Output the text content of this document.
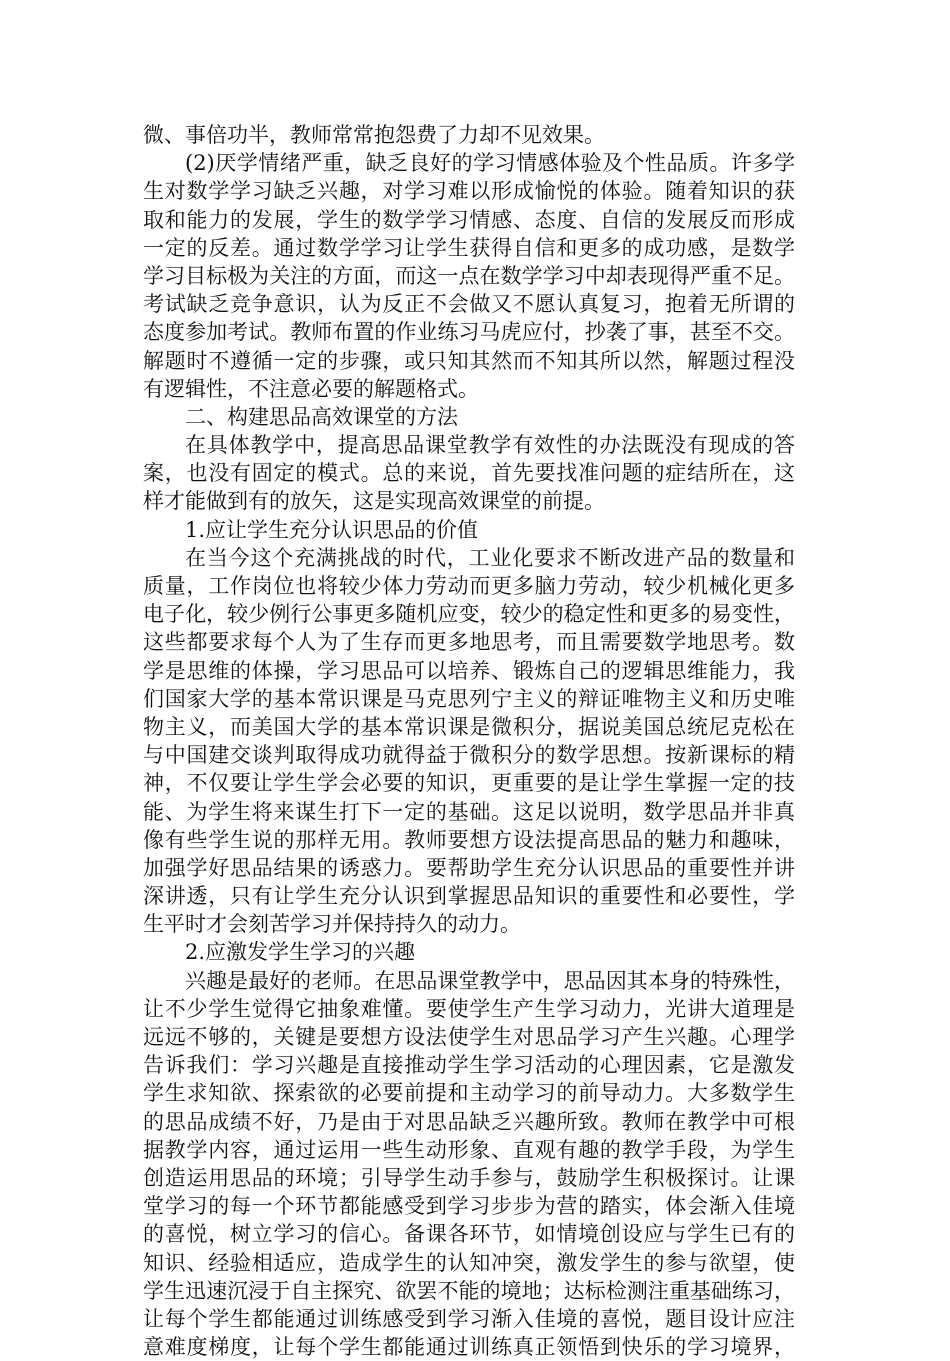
微、事倍功半，教师常常抱怨费了力却不见效果。
(2)厌学情绪严重，缺乏良好的学习情感体验及个性品质。许多学
生对数学学习缺乏兴趣，对学习难以形成愉悦的体验。随着知识的获
取和能力的发展，学生的数学学习情感、态度、自信的发展反而形成
一定的反差。通过数学学习让学生获得自信和更多的成功感，是数学
学习目标极为关注的方面，而这一点在数学学习中却表现得严重不足。
考试缺乏竞争意识，认为反正不会做又不愿认真复习，抱着无所谓的
态度参加考试。教师布置的作业练习马虎应付，抄袭了事，甚至不交。
解题时不遵循一定的步骤，或只知其然而不知其所以然，解题过程没
有逻辑性，不注意必要的解题格式。
二、构建思品高效课堂的方法
在具体教学中，提高思品课堂教学有效性的办法既没有现成的答
案，也没有固定的模式。总的来说，首先要找准问题的症结所在，这
样才能做到有的放矢，这是实现高效课堂的前提。
1.应让学生充分认识思品的价值
在当今这个充满挑战的时代，工业化要求不断改进产品的数量和
质量，工作岗位也将较少体力劳动而更多脑力劳动，较少机械化更多
电子化，较少例行公事更多随机应变，较少的稳定性和更多的易变性，
这些都要求每个人为了生存而更多地思考，而且需要数学地思考。数
学是思维的体操，学习思品可以培养、锻炼自己的逻辑思维能力，我
们国家大学的基本常识课是马克思列宁主义的辩证唯物主义和历史唯
物主义，而美国大学的基本常识课是微积分，据说美国总统尼克松在
与中国建交谈判取得成功就得益于微积分的数学思想。按新课标的精
神，不仅要让学生学会必要的知识，更重要的是让学生掌握一定的技
能、为学生将来谋生打下一定的基础。这足以说明，数学思品并非真
像有些学生说的那样无用。教师要想方设法提高思品的魅力和趣味，
加强学好思品结果的诱惑力。要帮助学生充分认识思品的重要性并讲
深讲透，只有让学生充分认识到掌握思品知识的重要性和必要性，学
生平时才会刻苦学习并保持持久的动力。
2.应激发学生学习的兴趣
兴趣是最好的老师。在思品课堂教学中，思品因其本身的特殊性，
让不少学生觉得它抽象难懂。要使学生产生学习动力，光讲大道理是
远远不够的，关键是要想方设法使学生对思品学习产生兴趣。心理学
告诉我们：学习兴趣是直接推动学生学习活动的心理因素，它是激发
学生求知欲、探索欲的必要前提和主动学习的前导动力。大多数学生
的思品成绩不好，乃是由于对思品缺乏兴趣所致。教师在教学中可根
据教学内容，通过运用一些生动形象、直观有趣的教学手段，为学生
创造运用思品的环境；引导学生动手参与，鼓励学生积极探讨。让课
堂学习的每一个环节都能感受到学习步步为营的踏实，体会渐入佳境
的喜悦，树立学习的信心。备课各环节，如情境创设应与学生已有的
知识、经验相适应，造成学生的认知冲突，激发学生的参与欲望，使
学生迅速沉浸于自主探究、欲罢不能的境地；达标检测注重基础练习，
让每个学生都能通过训练感受到学习渐入佳境的喜悦，题目设计应注
意难度梯度，让每个学生都能通过训练真正领悟到快乐的学习境界，
